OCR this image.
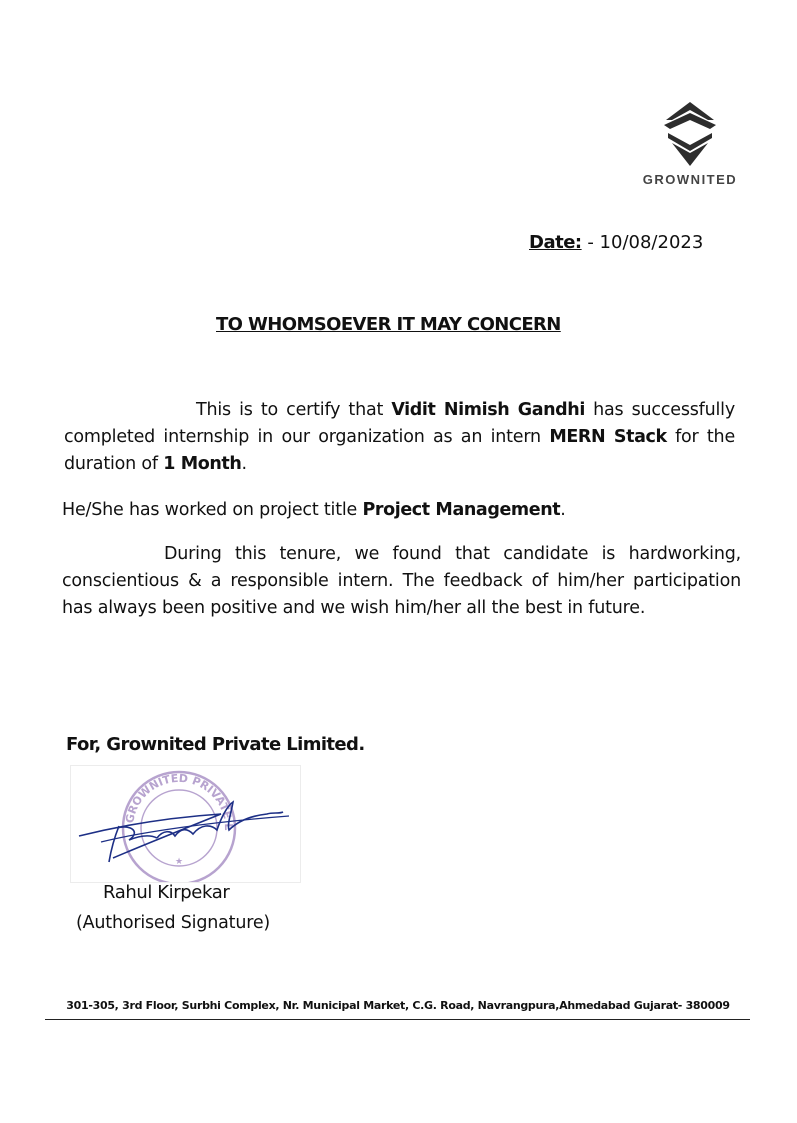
GROWNITED
Date: - 10/08/2023
TO WHOMSOEVER IT MAY CONCERN

This is to certify that Vidit Nimish Gandhi has successfully completed internship in our organization as an intern MERN Stack for the duration of 1 Month.

He/She has worked on project title Project Management.

During this tenure, we found that candidate is hardworking, conscientious & a responsible intern. The feedback of him/her participation has always been positive and we wish him/her all the best in future.

For, Grownited Private Limited.
GROWNITED PRIVATE L
★
Rahul Kirpekar
(Authorised Signature)
301-305, 3rd Floor, Surbhi Complex, Nr. Municipal Market, C.G. Road, Navrangpura,Ahmedabad Gujarat- 380009
